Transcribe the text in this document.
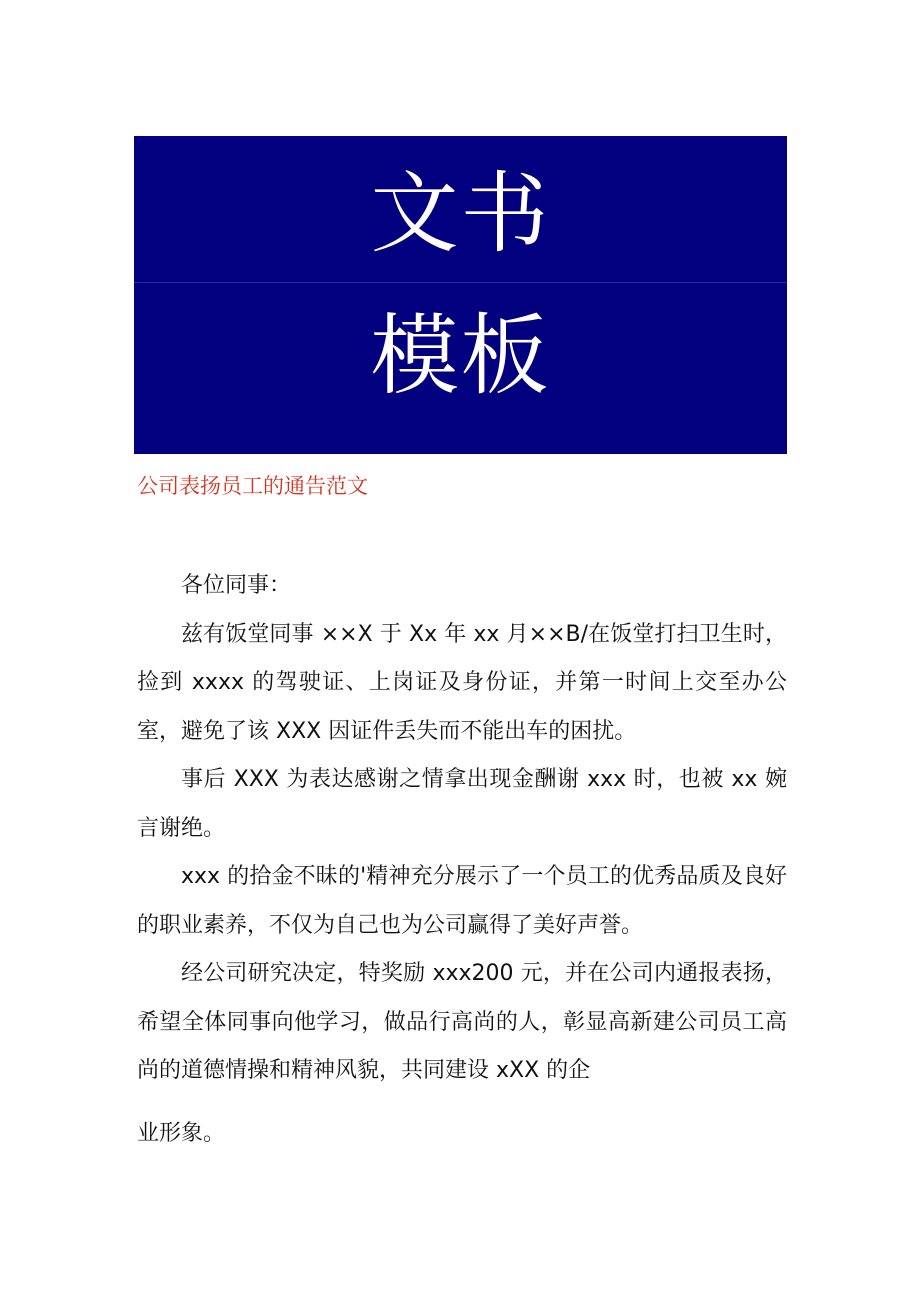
文书
模板
公司表扬员工的通告范文

各位同事：

兹有饭堂同事 ××X 于 Xx 年 xx 月××B/在饭堂打扫卫生时，捡到 xxxx 的驾驶证、上岗证及身份证，并第一时间上交至办公室，避免了该 XXX 因证件丢失而不能出车的困扰。

事后 XXX 为表达感谢之情拿出现金酬谢 xxx 时，也被 xx 婉言谢绝。

xxx 的拾金不昧的'精神充分展示了一个员工的优秀品质及良好的职业素养，不仅为自己也为公司赢得了美好声誉。

经公司研究决定，特奖励 xxx200 元，并在公司内通报表扬，希望全体同事向他学习，做品行高尚的人，彰显高新建公司员工高尚的道德情操和精神风貌，共同建设 xXX 的企

业形象。
